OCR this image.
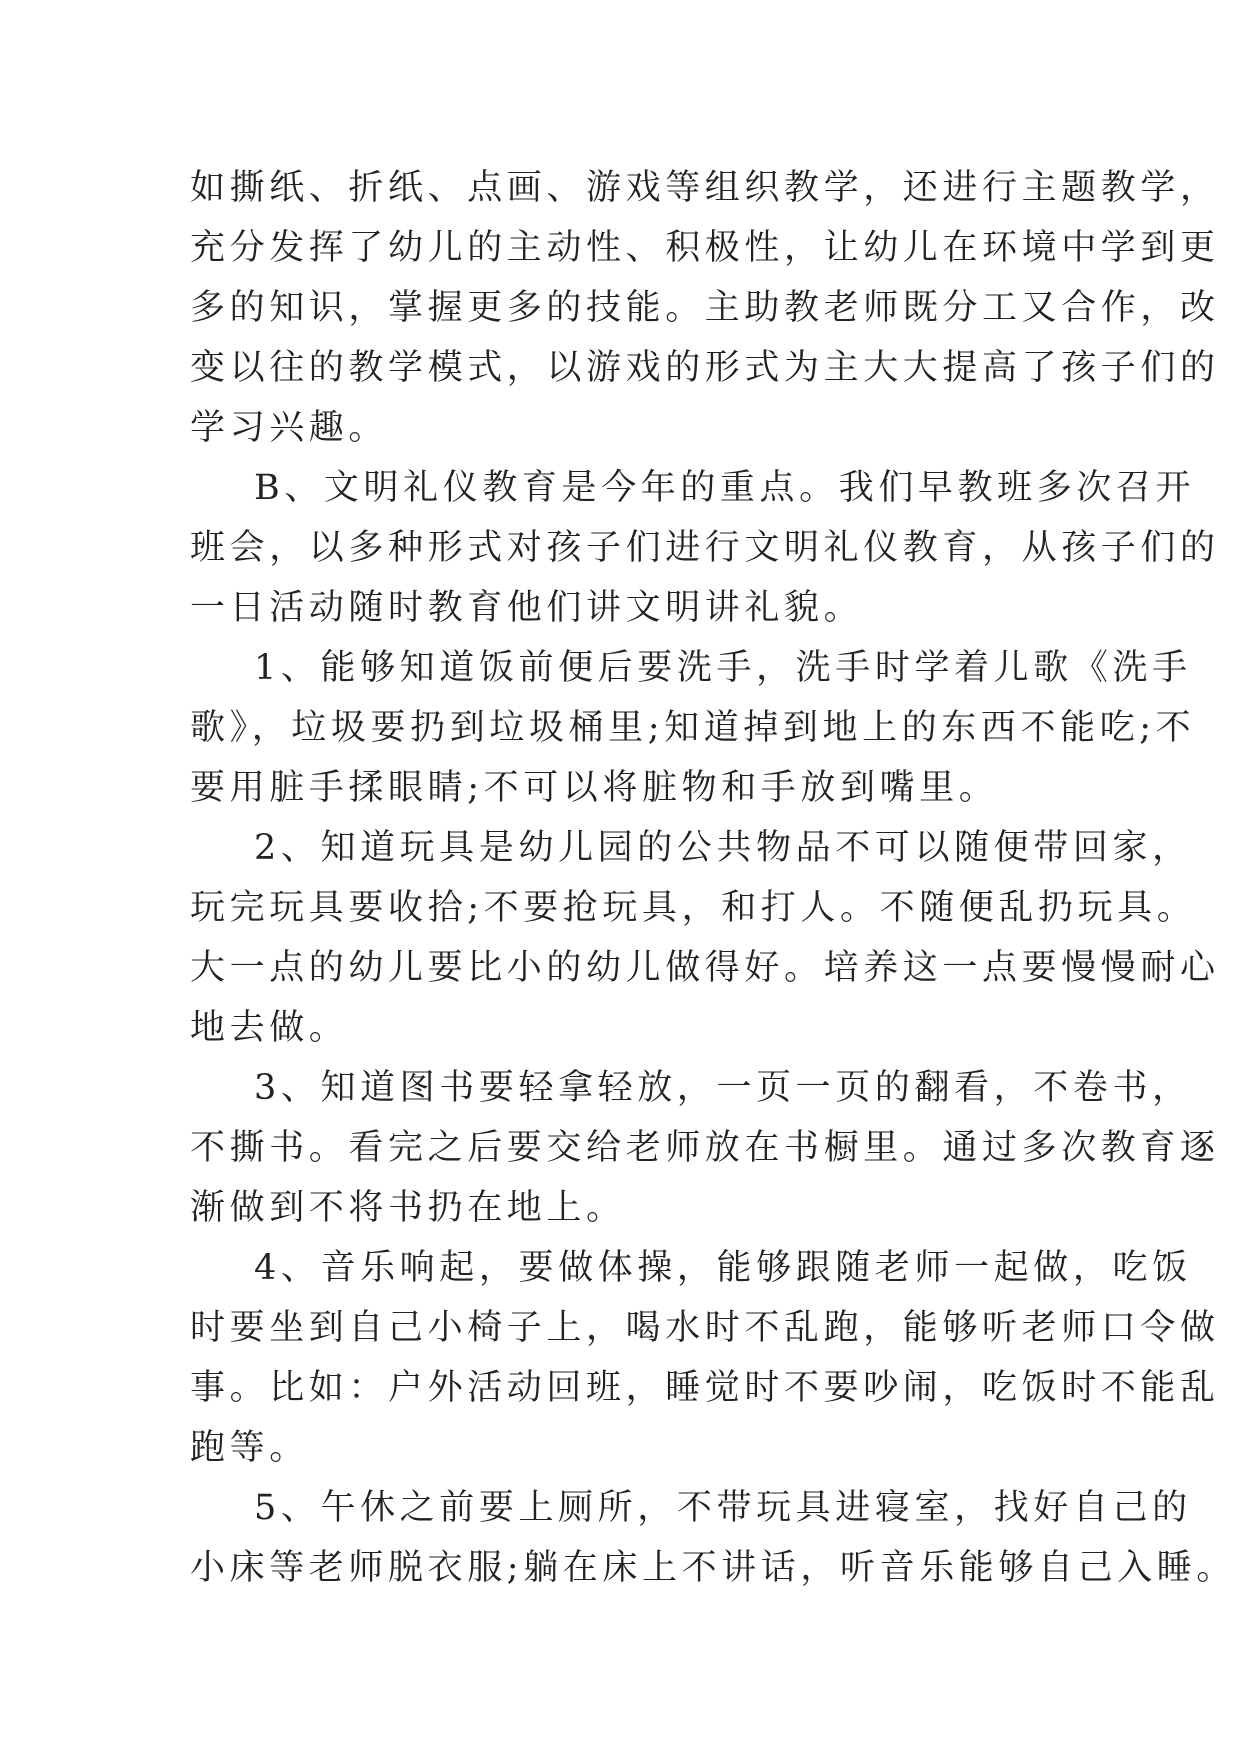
如撕纸、折纸、点画、游戏等组织教学，还进行主题教学，
充分发挥了幼儿的主动性、积极性，让幼儿在环境中学到更
多的知识，掌握更多的技能。主助教老师既分工又合作，改
变以往的教学模式，以游戏的形式为主大大提高了孩子们的
学习兴趣。
B、文明礼仪教育是今年的重点。我们早教班多次召开
班会，以多种形式对孩子们进行文明礼仪教育，从孩子们的
一日活动随时教育他们讲文明讲礼貌。
1、能够知道饭前便后要洗手，洗手时学着儿歌《洗手
歌》，垃圾要扔到垃圾桶里;知道掉到地上的东西不能吃;不
要用脏手揉眼睛;不可以将脏物和手放到嘴里。
2、知道玩具是幼儿园的公共物品不可以随便带回家，
玩完玩具要收拾;不要抢玩具，和打人。不随便乱扔玩具。
大一点的幼儿要比小的幼儿做得好。培养这一点要慢慢耐心
地去做。
3、知道图书要轻拿轻放，一页一页的翻看，不卷书，
不撕书。看完之后要交给老师放在书橱里。通过多次教育逐
渐做到不将书扔在地上。
4、音乐响起，要做体操，能够跟随老师一起做，吃饭
时要坐到自己小椅子上，喝水时不乱跑，能够听老师口令做
事。比如：户外活动回班，睡觉时不要吵闹，吃饭时不能乱
跑等。
5、午休之前要上厕所，不带玩具进寝室，找好自己的
小床等老师脱衣服;躺在床上不讲话，听音乐能够自己入睡。
